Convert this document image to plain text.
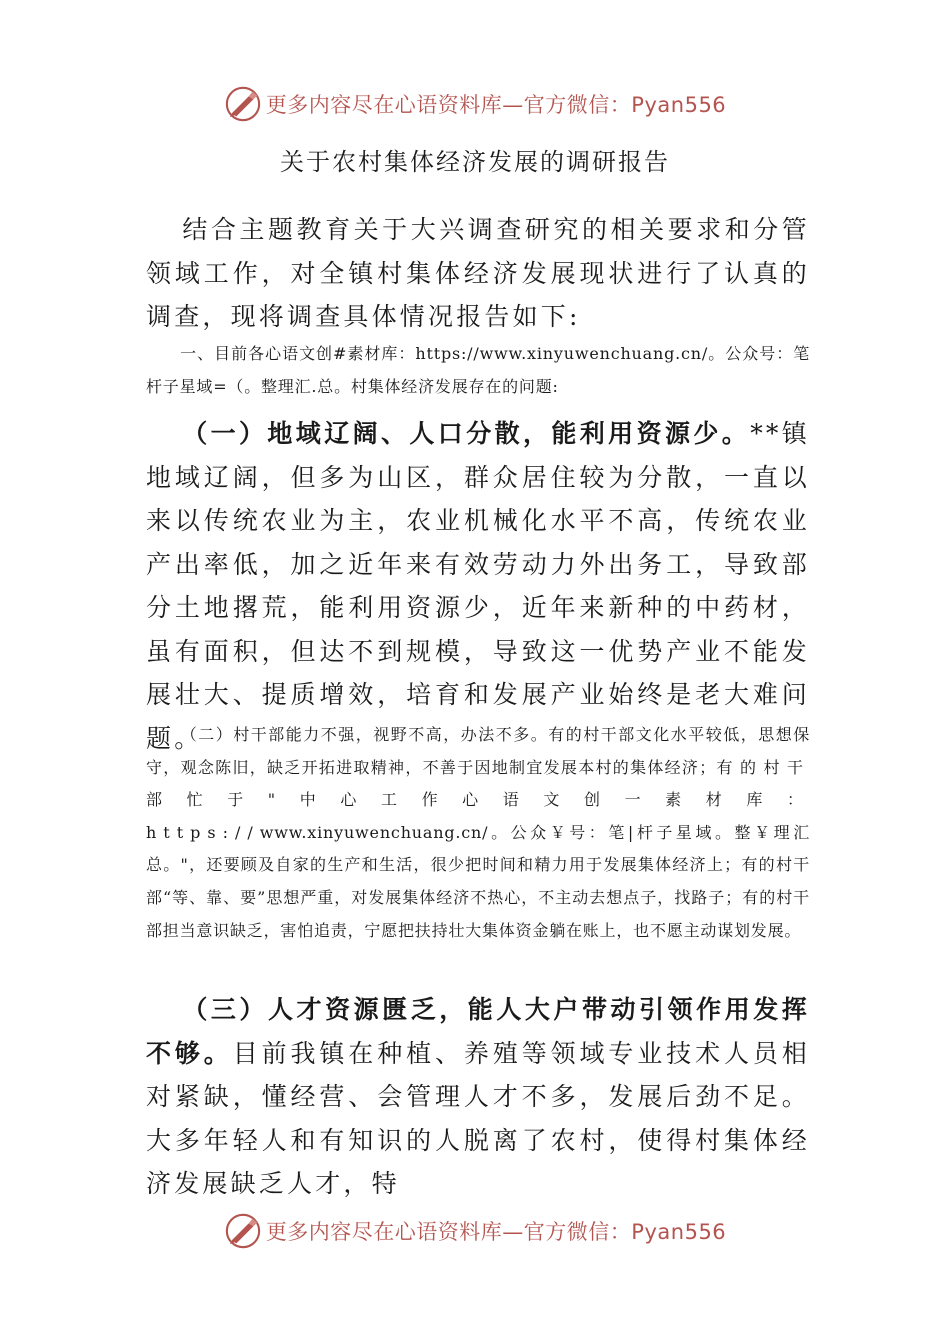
更多内容尽在心语资料库—官方微信：Pyan556
关于农村集体经济发展的调研报告

结合主题教育关于大兴调查研究的相关要求和分管领域工作，对全镇村集体经济发展现状进行了认真的调查，现将调查具体情况报告如下:

一、目前各心语文创#素材库：https://www.xinyuwenchuang.cn/。公众号：笔杆子星域=（。整理汇.总。村集体经济发展存在的问题:

（一）地域辽阔、人口分散，能利用资源少。**镇地域辽阔，但多为山区，群众居住较为分散，一直以来以传统农业为主，农业机械化水平不高，传统农业产出率低，加之近年来有效劳动力外出务工，导致部分土地撂荒，能利用资源少，近年来新种的中药材，虽有面积，但达不到规模，导致这一优势产业不能发展壮大、提质增效，培育和发展产业始终是老大难问题。

（二）村干部能力不强，视野不高，办法不多。有的村干部文化水平较低，思想保守，观念陈旧，缺乏开拓进取精神，不善于因地制宜发展本村的集体经济；有的村干部忙于"中心工作心语文创一素材库：https://www.xinyuwenchuang.cn/。公众￥号：笔|杆子星域。整￥理汇总。"，还要顾及自家的生产和生活，很少把时间和精力用于发展集体经济上；有的村干部“等、靠、要”思想严重，对发展集体经济不热心，不主动去想点子，找路子；有的村干部担当意识缺乏，害怕追责，宁愿把扶持壮大集体资金躺在账上，也不愿主动谋划发展。

（三）人才资源匮乏，能人大户带动引领作用发挥不够。目前我镇在种植、养殖等领域专业技术人员相对紧缺，懂经营、会管理人才不多，发展后劲不足。大多年轻人和有知识的人脱离了农村，使得村集体经济发展缺乏人才，特

更多内容尽在心语资料库—官方微信：Pyan556
